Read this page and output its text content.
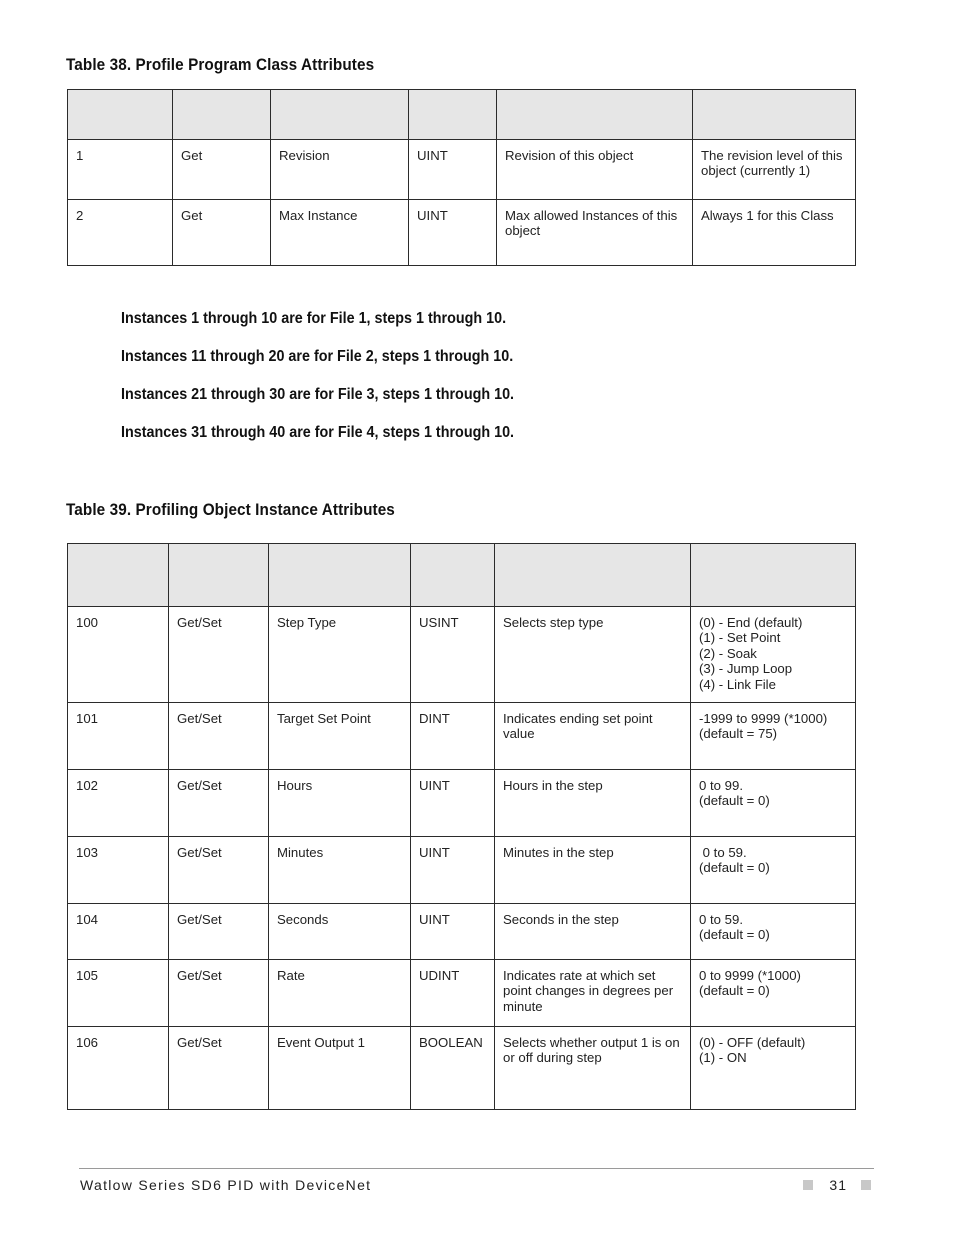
Table 38. Profile Program Class Attributes

1	Get	Revision	UINT	Revision of this object	The revision level of this object (currently 1)
2	Get	Max Instance	UINT	Max allowed Instances of this object	Always 1 for this Class

Instances 1 through 10 are for File 1, steps 1 through 10.

Instances 11 through 20 are for File 2, steps 1 through 10.

Instances 21 through 30 are for File 3, steps 1 through 10.

Instances 31 through 40 are for File 4, steps 1 through 10.

Table 39. Profiling Object Instance Attributes

100	Get/Set	Step Type	USINT	Selects step type	(0) - End (default)
(1) - Set Point
(2) - Soak
(3) - Jump Loop
(4) - Link File
101	Get/Set	Target Set Point	DINT	Indicates ending set point value	-1999 to 9999 (*1000)
(default = 75)
102	Get/Set	Hours	UINT	Hours in the step	0 to 99.
(default = 0)
103	Get/Set	Minutes	UINT	Minutes in the step	0 to 59.
(default = 0)
104	Get/Set	Seconds	UINT	Seconds in the step	0 to 59.
(default = 0)
105	Get/Set	Rate	UDINT	Indicates rate at which set point changes in degrees per minute	0 to 9999 (*1000)
(default = 0)
106	Get/Set	Event Output 1	BOOLEAN	Selects whether output 1 is on or off during step	(0) - OFF (default)
(1) - ON
Watlow Series SD6 PID with DeviceNet	31
